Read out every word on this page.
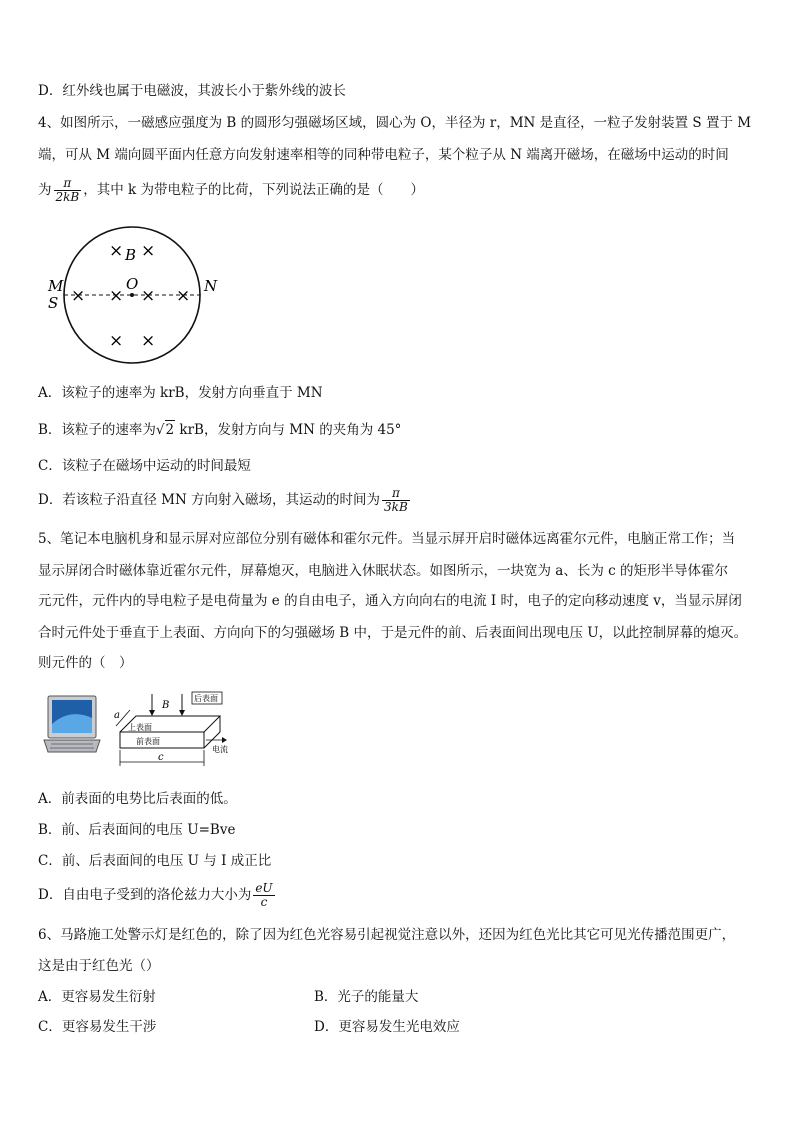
D．红外线也属于电磁波，其波长小于紫外线的波长
4、如图所示，一磁感应强度为 B 的圆形匀强磁场区域，圆心为 O，半径为 r，MN 是直径，一粒子发射装置 S 置于 M
端，可从 M 端向圆平面内任意方向发射速率相等的同种带电粒子，某个粒子从 N 端离开磁场，在磁场中运动的时间
为 $\frac{\pi}{2kB}$ ，其中 k 为带电粒子的比荷，下列说法正确的是（　　）
× ×
× × × ×
× ×
B
O
M
S
N
A．该粒子的速率为 krB，发射方向垂直于 MN
B．该粒子的速率为√2 krB，发射方向与 MN 的夹角为 45°
C．该粒子在磁场中运动的时间最短
D．若该粒子沿直径 MN 方向射入磁场，其运动的时间为 $\frac{\pi}{3kB}$
5、笔记本电脑机身和显示屏对应部位分别有磁体和霍尔元件。当显示屏开启时磁体远离霍尔元件，电脑正常工作；当
显示屏闭合时磁体靠近霍尔元件，屏幕熄灭，电脑进入休眠状态。如图所示，一块宽为 a、长为 c 的矩形半导体霍尔
元元件，元件内的导电粒子是电荷量为 e 的自由电子，通入方向向右的电流 I 时，电子的定向移动速度 v，当显示屏闭
合时元件处于垂直于上表面、方向向下的匀强磁场 B 中，于是元件的前、后表面间出现电压 U，以此控制屏幕的熄灭。
则元件的（　）
a
B
后表面
上表面
前表面
电流
c
A．前表面的电势比后表面的低。
B．前、后表面间的电压 U=Bve
C．前、后表面间的电压 U 与 I 成正比
D．自由电子受到的洛伦兹力大小为 $\frac{eU}{c}$
6、马路施工处警示灯是红色的，除了因为红色光容易引起视觉注意以外，还因为红色光比其它可见光传播范围更广，
这是由于红色光（）
A．更容易发生衍射	B．光子的能量大
C．更容易发生干涉	D．更容易发生光电效应
